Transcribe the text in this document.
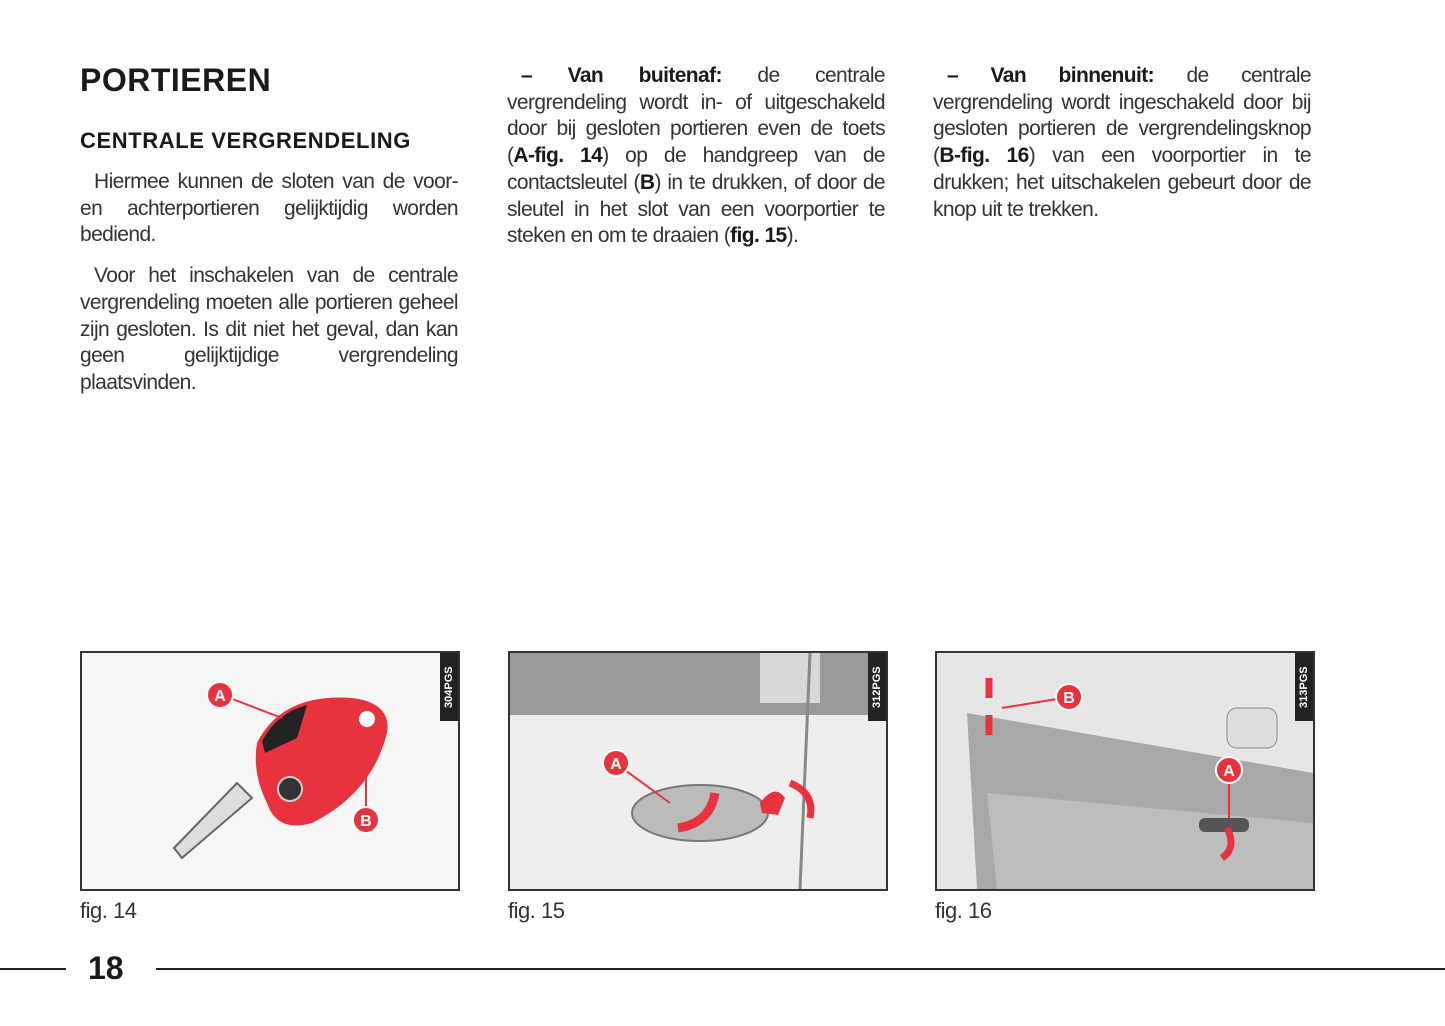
PORTIEREN
CENTRALE VERGRENDELING

Hiermee kunnen de sloten van de voor- en achterportieren gelijktijdig worden bediend.

Voor het inschakelen van de centrale vergrendeling moeten alle portieren geheel zijn gesloten. Is dit niet het geval, dan kan geen gelijktijdige vergrendeling plaatsvinden.

– Van buitenaf: de centrale vergrendeling wordt in- of uitgeschakeld door bij gesloten portieren even de toets (A-fig. 14) op de handgreep van de contactsleutel (B) in te drukken, of door de sleutel in het slot van een voorportier te steken en om te draaien (fig. 15).

– Van binnenuit: de centrale vergrendeling wordt ingeschakeld door bij gesloten portieren de vergrendelingsknop (B-fig. 16) van een voorportier in te drukken; het uitschakelen gebeurt door de knop uit te trekken.

A
B
304PGS
fig. 14
A
312PGS
fig. 15
B
A
313PGS
fig. 16
18
